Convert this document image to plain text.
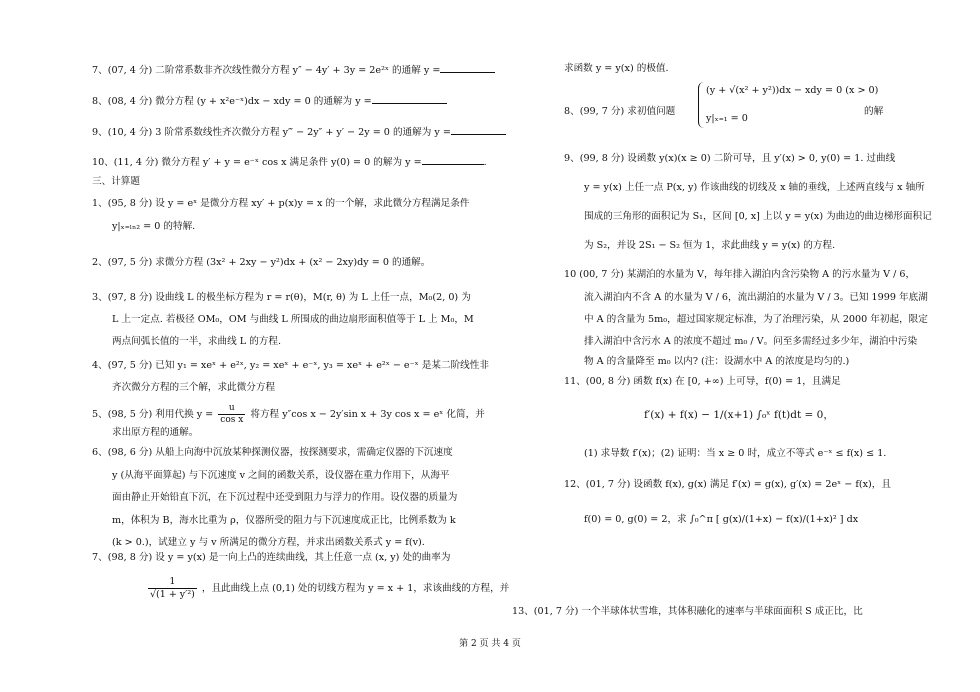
7、(07, 4 分) 二阶常系数非齐次线性微分方程 y″ − 4y′ + 3y = 2e²ˣ 的通解 y =
8、(08, 4 分) 微分方程 (y + x²e⁻ˣ)dx − xdy = 0 的通解为 y =
9、(10, 4 分) 3 阶常系数线性齐次微分方程 y‴ − 2y″ + y′ − 2y = 0 的通解为 y =
10、(11, 4 分) 微分方程 y′ + y = e⁻ˣ cos x 满足条件 y(0) = 0 的解为 y =	.
三、计算题
1、(95, 8 分) 设 y = eˣ 是微分方程 xy′ + p(x)y = x 的一个解，求此微分方程满足条件
y|ₓ₌ₗₙ₂ = 0 的特解.
2、(97, 5 分) 求微分方程 (3x² + 2xy − y²)dx + (x² − 2xy)dy = 0 的通解。
3、(97, 8 分) 设曲线 L 的极坐标方程为 r = r(θ)，M(r, θ) 为 L 上任一点，M₀(2, 0) 为
L 上一定点. 若极径 OM₀，OM 与曲线 L 所围成的曲边扇形面积值等于 L 上 M₀，M
两点间弧长值的一半，求曲线 L 的方程.
4、(97, 5 分) 已知 y₁ = xeˣ + e²ˣ, y₂ = xeˣ + e⁻ˣ, y₃ = xeˣ + e²ˣ − e⁻ˣ 是某二阶线性非
齐次微分方程的三个解，求此微分方程
5、(98, 5 分) 利用代换 $y = \frac{u}{\text{cos x}}$ 将方程 y″cos x − 2y′sin x + 3y cos x = eˣ 化简，并
求出原方程的通解。
6、(98, 6 分) 从船上向海中沉放某种探测仪器，按探测要求，需确定仪器的下沉速度
y (从海平面算起) 与下沉速度 v 之间的函数关系，设仪器在重力作用下，从海平
面由静止开始铅直下沉，在下沉过程中还受到阻力与浮力的作用。设仪器的质量为
m，体积为 B，海水比重为 ρ，仪器所受的阻力与下沉速度成正比，比例系数为 k
(k > 0.)，试建立 y 与 v 所满足的微分方程，并求出函数关系式 y = f(v).
7、(98, 8 分) 设 y = y(x) 是一向上凸的连续曲线，其上任意一点 (x, y) 处的曲率为
$\frac{1}{\text{√(1 + y′²)}}$ ，且此曲线上点 (0,1) 处的切线方程为 y = x + 1，求该曲线的方程，并
求函数 y = y(x) 的极值.
8、(99, 7 分) 求初值问题
(y + √(x² + y²))dx − xdy = 0 (x > 0)
y|ₓ₌₁ = 0
的解
9、(99, 8 分) 设函数 y(x)(x ≥ 0) 二阶可导，且 y′(x) > 0, y(0) = 1. 过曲线
y = y(x) 上任一点 P(x, y) 作该曲线的切线及 x 轴的垂线，上述两直线与 x 轴所
围成的三角形的面积记为 S₁，区间 [0, x] 上以 y = y(x) 为曲边的曲边梯形面积记
为 S₂，并设 2S₁ − S₂ 恒为 1，求此曲线 y = y(x) 的方程.
10 (00, 7 分) 某湖泊的水量为 V，每年排入湖泊内含污染物 A 的污水量为 V / 6，
流入湖泊内不含 A 的水量为 V / 6，流出湖泊的水量为 V / 3。已知 1999 年底湖
中 A 的含量为 5m₀，超过国家规定标准，为了治理污染，从 2000 年初起，限定
排入湖泊中含污水 A 的浓度不超过 m₀ / V。问至多需经过多少年，湖泊中污染
物 A 的含量降至 m₀ 以内? (注：设湖水中 A 的浓度是均匀的.)
11、(00, 8 分) 函数 f(x) 在 [0, +∞) 上可导，f(0) = 1，且满足
f′(x) + f(x) − 1/(x+1) ∫₀ˣ f(t)dt = 0，
(1) 求导数 f′(x)；(2) 证明：当 x ≥ 0 时，成立不等式 e⁻ˣ ≤ f(x) ≤ 1.
12、(01, 7 分) 设函数 f(x), g(x) 满足 f′(x) = g(x), g′(x) = 2eˣ − f(x)，且
f(0) = 0, g(0) = 2，求 ∫₀^π [ g(x)/(1+x) − f(x)/(1+x)² ] dx
13、(01, 7 分) 一个半球体状雪堆，其体积融化的速率与半球面面积 S 成正比，比
第 2 页 共 4 页
